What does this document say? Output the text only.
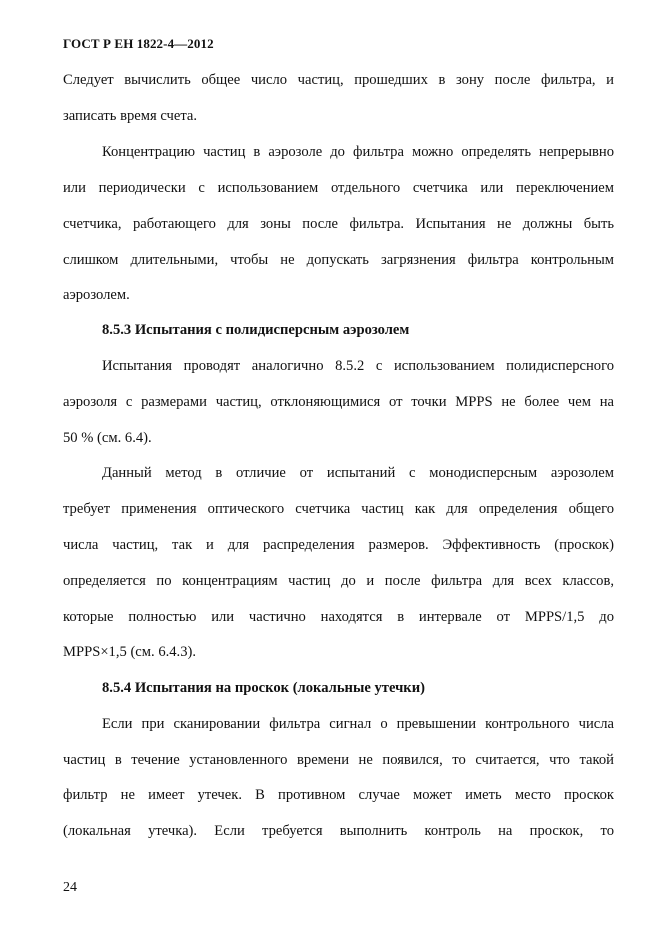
ГОСТ Р ЕН 1822-4—2012
Следует вычислить общее число частиц, прошедших в зону после фильтра, и
записать время счета.
Концентрацию частиц в аэрозоле до фильтра можно определять непрерывно
или периодически с использованием отдельного счетчика или переключением
счетчика, работающего для зоны после фильтра. Испытания не должны быть
слишком длительными, чтобы не допускать загрязнения фильтра контрольным
аэрозолем.
8.5.3 Испытания с полидисперсным аэрозолем
Испытания проводят аналогично 8.5.2 с использованием полидисперсного
аэрозоля с размерами частиц, отклоняющимися от точки MPPS не более чем на
50 % (см. 6.4).
Данный метод в отличие от испытаний с монодисперсным аэрозолем
требует применения оптического счетчика частиц как для определения общего
числа частиц, так и для распределения размеров. Эффективность (проскок)
определяется по концентрациям частиц до и после фильтра для всех классов,
которые полностью или частично находятся в интервале от MPPS/1,5 до
MPPS×1,5 (см. 6.4.3).
8.5.4 Испытания на проскок (локальные утечки)
Если при сканировании фильтра сигнал о превышении контрольного числа
частиц в течение установленного времени не появился, то считается, что такой
фильтр не имеет утечек. В противном случае может иметь место проскок
(локальная утечка). Если требуется выполнить контроль на проскок, то
24
